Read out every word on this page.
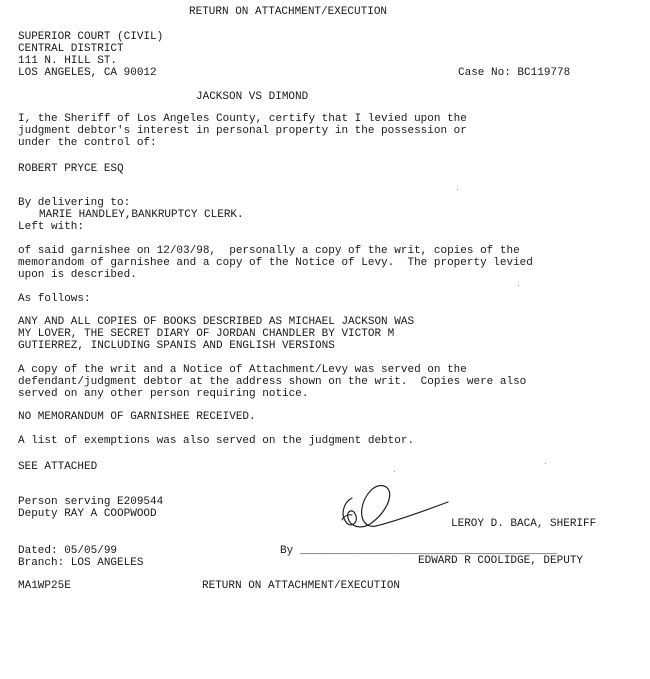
RETURN ON ATTACHMENT/EXECUTION
SUPERIOR COURT (CIVIL)
CENTRAL DISTRICT
111 N. HILL ST.
LOS ANGELES, CA 90012	Case No: BC119778
JACKSON VS DIMOND
I, the Sheriff of Los Angeles County, certify that I levied upon the
judgment debtor's interest in personal property in the possession or
under the control of:
ROBERT PRYCE ESQ
By delivering to:
MARIE HANDLEY,BANKRUPTCY CLERK.
Left with:
of said garnishee on 12/03/98,  personally a copy of the writ, copies of the
memorandom of garnishee and a copy of the Notice of Levy.  The property levied
upon is described.
As follows:
ANY AND ALL COPIES OF BOOKS DESCRIBED AS MICHAEL JACKSON WAS
MY LOVER, THE SECRET DIARY OF JORDAN CHANDLER BY VICTOR M
GUTIERREZ, INCLUDING SPANIS AND ENGLISH VERSIONS
A copy of the writ and a Notice of Attachment/Levy was served on the
defendant/judgment debtor at the address shown on the writ.  Copies were also
served on any other person requiring notice.
NO MEMORANDUM OF GARNISHEE RECEIVED.
A list of exemptions was also served on the judgment debtor.
SEE ATTACHED
Person serving E209544
Deputy RAY A COOPWOOD
LEROY D. BACA, SHERIFF
Dated: 05/05/99	By _______________________________________
Branch: LOS ANGELES	EDWARD R COOLIDGE, DEPUTY
MA1WP25E	RETURN ON ATTACHMENT/EXECUTION
